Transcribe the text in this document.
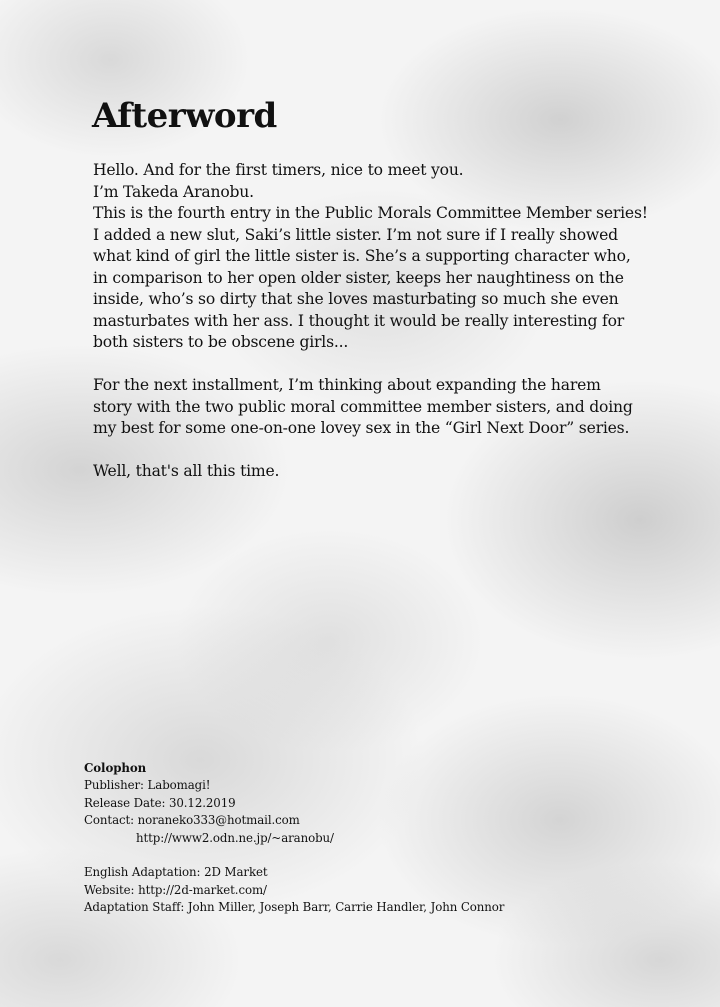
Afterword

Hello. And for the first timers, nice to meet you.
I’m Takeda Aranobu.
This is the fourth entry in the Public Morals Committee Member series!
I added a new slut, Saki’s little sister. I’m not sure if I really showed
what kind of girl the little sister is. She’s a supporting character who,
in comparison to her open older sister, keeps her naughtiness on the
inside, who’s so dirty that she loves masturbating so much she even
masturbates with her ass. I thought it would be really interesting for
both sisters to be obscene girls...

For the next installment, I’m thinking about expanding the harem
story with the two public moral committee member sisters, and doing
my best for some one-on-one lovey sex in the “Girl Next Door” series.

Well, that's all this time.

Colophon
Publisher: Labomagi!
Release Date: 30.12.2019
Contact: noraneko333@hotmail.com
http://www2.odn.ne.jp/~aranobu/
English Adaptation: 2D Market
Website: http://2d-market.com/
Adaptation Staff: John Miller, Joseph Barr, Carrie Handler, John Connor
